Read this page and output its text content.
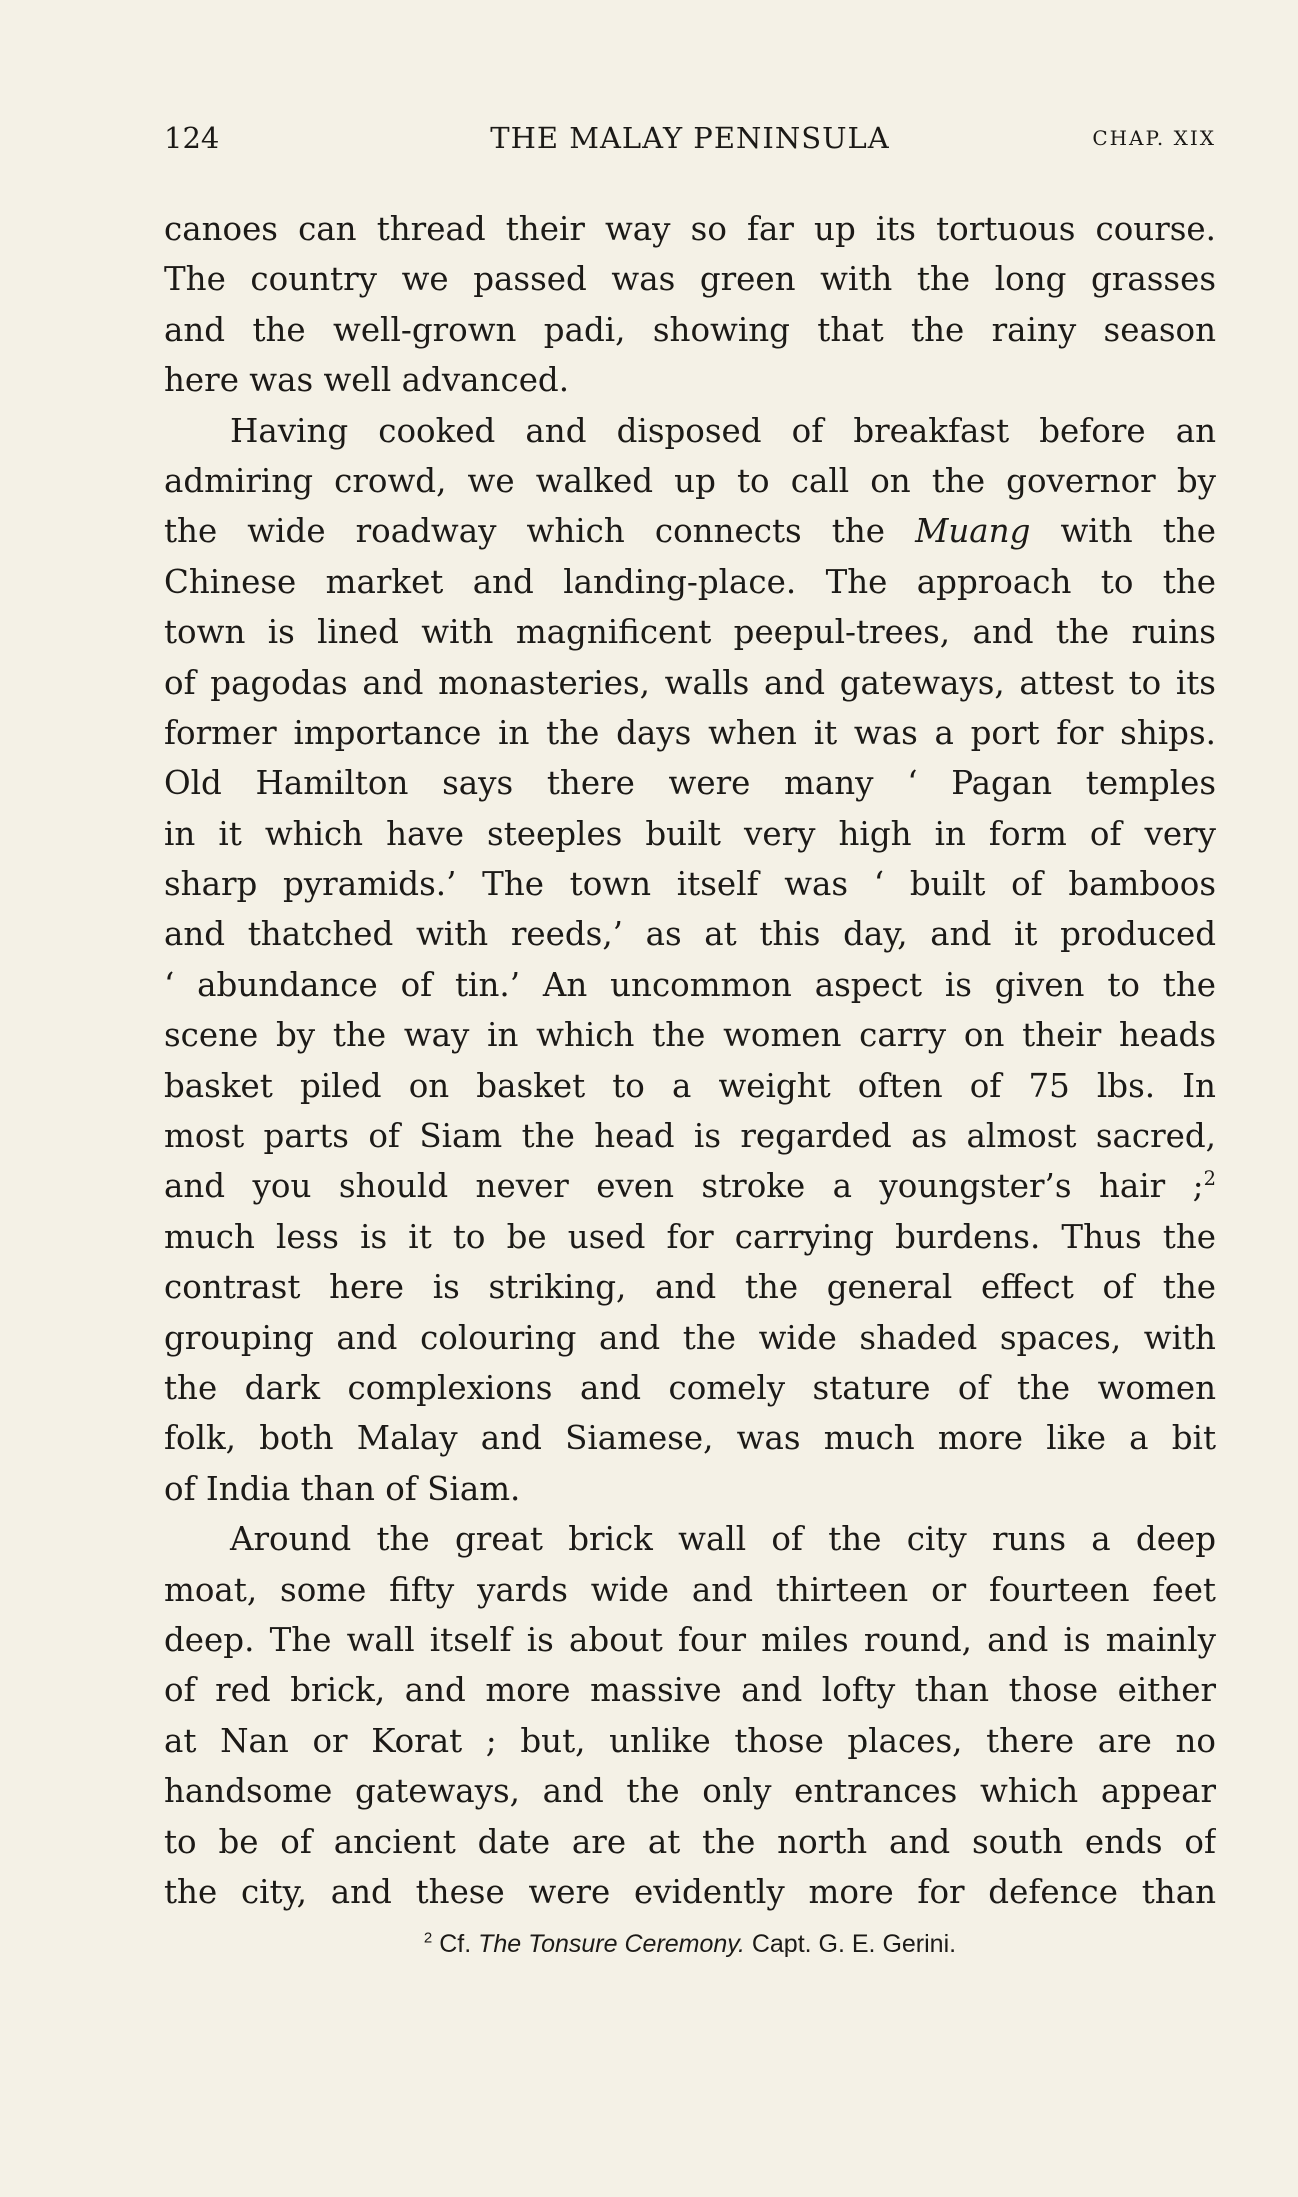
124	THE MALAY PENINSULA	CHAP. XIX
canoes can thread their way so far up its tortuous course.
The country we passed was green with the long grasses
and the well-grown padi, showing that the rainy season
here was well advanced.
Having cooked and disposed of breakfast before an
admiring crowd, we walked up to call on the governor by
the wide roadway which connects the Muang with the
Chinese market and landing-place. The approach to the
town is lined with magnificent peepul-trees, and the ruins
of pagodas and monasteries, walls and gateways, attest to its
former importance in the days when it was a port for ships.
Old Hamilton says there were many ‘ Pagan temples
in it which have steeples built very high in form of very
sharp pyramids.’ The town itself was ‘ built of bamboos
and thatched with reeds,’ as at this day, and it produced
‘ abundance of tin.’ An uncommon aspect is given to the
scene by the way in which the women carry on their heads
basket piled on basket to a weight often of 75 lbs. In
most parts of Siam the head is regarded as almost sacred,
and you should never even stroke a youngster’s hair ;$^2$
much less is it to be used for carrying burdens. Thus the
contrast here is striking, and the general effect of the
grouping and colouring and the wide shaded spaces, with
the dark complexions and comely stature of the women
folk, both Malay and Siamese, was much more like a bit
of India than of Siam.
Around the great brick wall of the city runs a deep
moat, some fifty yards wide and thirteen or fourteen feet
deep. The wall itself is about four miles round, and is mainly
of red brick, and more massive and lofty than those either
at Nan or Korat ; but, unlike those places, there are no
handsome gateways, and the only entrances which appear
to be of ancient date are at the north and south ends of
the city, and these were evidently more for defence than
$^2$ Cf. The Tonsure Ceremony. Capt. G. E. Gerini.
